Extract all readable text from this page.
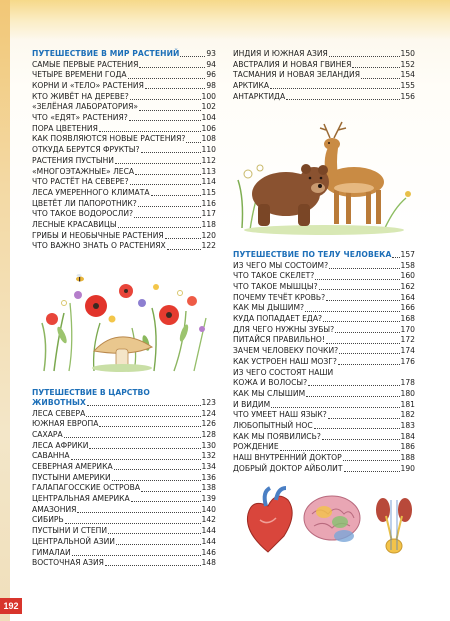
ПУТЕШЕСТВИЕ В МИР РАСТЕНИЙ	93
САМЫЕ ПЕРВЫЕ РАСТЕНИЯ	94
ЧЕТЫРЕ ВРЕМЕНИ ГОДА	96
КОРНИ И «ТЕЛО» РАСТЕНИЯ	98
КТО ЖИВЁТ НА ДЕРЕВЕ?	100
«ЗЕЛЁНАЯ ЛАБОРАТОРИЯ»	102
ЧТО «ЕДЯТ» РАСТЕНИЯ?	104
ПОРА ЦВЕТЕНИЯ	106
КАК ПОЯВЛЯЮТСЯ НОВЫЕ РАСТЕНИЯ? 108
ОТКУДА БЕРУТСЯ ФРУКТЫ?	110
РАСТЕНИЯ ПУСТЫНИ	112
«МНОГОЭТАЖНЫЕ» ЛЕСА	113
ЧТО РАСТЁТ НА СЕВЕРЕ?	114
ЛЕСА УМЕРЕННОГО КЛИМАТА	115
ЦВЕТЁТ ЛИ ПАПОРОТНИК?	116
ЧТО ТАКОЕ ВОДОРОСЛИ?	117
ЛЕСНЫЕ КРАСАВИЦЫ	118
ГРИБЫ И НЕОБЫЧНЫЕ РАСТЕНИЯ	120
ЧТО ВАЖНО ЗНАТЬ О РАСТЕНИЯХ	122
ПУТЕШЕСТВИЕ В ЦАРСТВО
ЖИВОТНЫХ	123
ЛЕСА СЕВЕРА	124
ЮЖНАЯ ЕВРОПА	126
САХАРА	128
ЛЕСА АФРИКИ	130
САВАННА	132
СЕВЕРНАЯ АМЕРИКА	134
ПУСТЫНИ АМЕРИКИ	136
ГАЛАПАГОССКИЕ ОСТРОВА	138
ЦЕНТРАЛЬНАЯ АМЕРИКА	139
АМАЗОНИЯ	140
СИБИРЬ	142
ПУСТЫНИ И СТЕПИ	144
ЦЕНТРАЛЬНОЙ АЗИИ	144
ГИМАЛАИ	146
ВОСТОЧНАЯ АЗИЯ	148
ИНДИЯ И ЮЖНАЯ АЗИЯ	150
АВСТРАЛИЯ И НОВАЯ ГВИНЕЯ	152
ТАСМАНИЯ И НОВАЯ ЗЕЛАНДИЯ	154
АРКТИКА	155
АНТАРКТИДА	156
ПУТЕШЕСТВИЕ ПО ТЕЛУ ЧЕЛОВЕКА 157
ИЗ ЧЕГО МЫ СОСТОИМ?	158
ЧТО ТАКОЕ СКЕЛЕТ?	160
ЧТО ТАКОЕ МЫШЦЫ?	162
ПОЧЕМУ ТЕЧЁТ КРОВЬ?	164
КАК МЫ ДЫШИМ?	166
КУДА ПОПАДАЕТ ЕДА?	168
ДЛЯ ЧЕГО НУЖНЫ ЗУБЫ?	170
ПИТАЙСЯ ПРАВИЛЬНО!	172
ЗАЧЕМ ЧЕЛОВЕКУ ПОЧКИ?	174
КАК УСТРОЕН НАШ МОЗГ?	176
ИЗ ЧЕГО СОСТОЯТ НАШИ
КОЖА И ВОЛОСЫ?	178
КАК МЫ СЛЫШИМ	180
И ВИДИМ	181
ЧТО УМЕЕТ НАШ ЯЗЫК?	182
ЛЮБОПЫТНЫЙ НОС	183
КАК МЫ ПОЯВИЛИСЬ?	184
РОЖДЕНИЕ	186
НАШ ВНУТРЕННИЙ ДОКТОР	188
ДОБРЫЙ ДОКТОР АЙБОЛИТ	190
192
